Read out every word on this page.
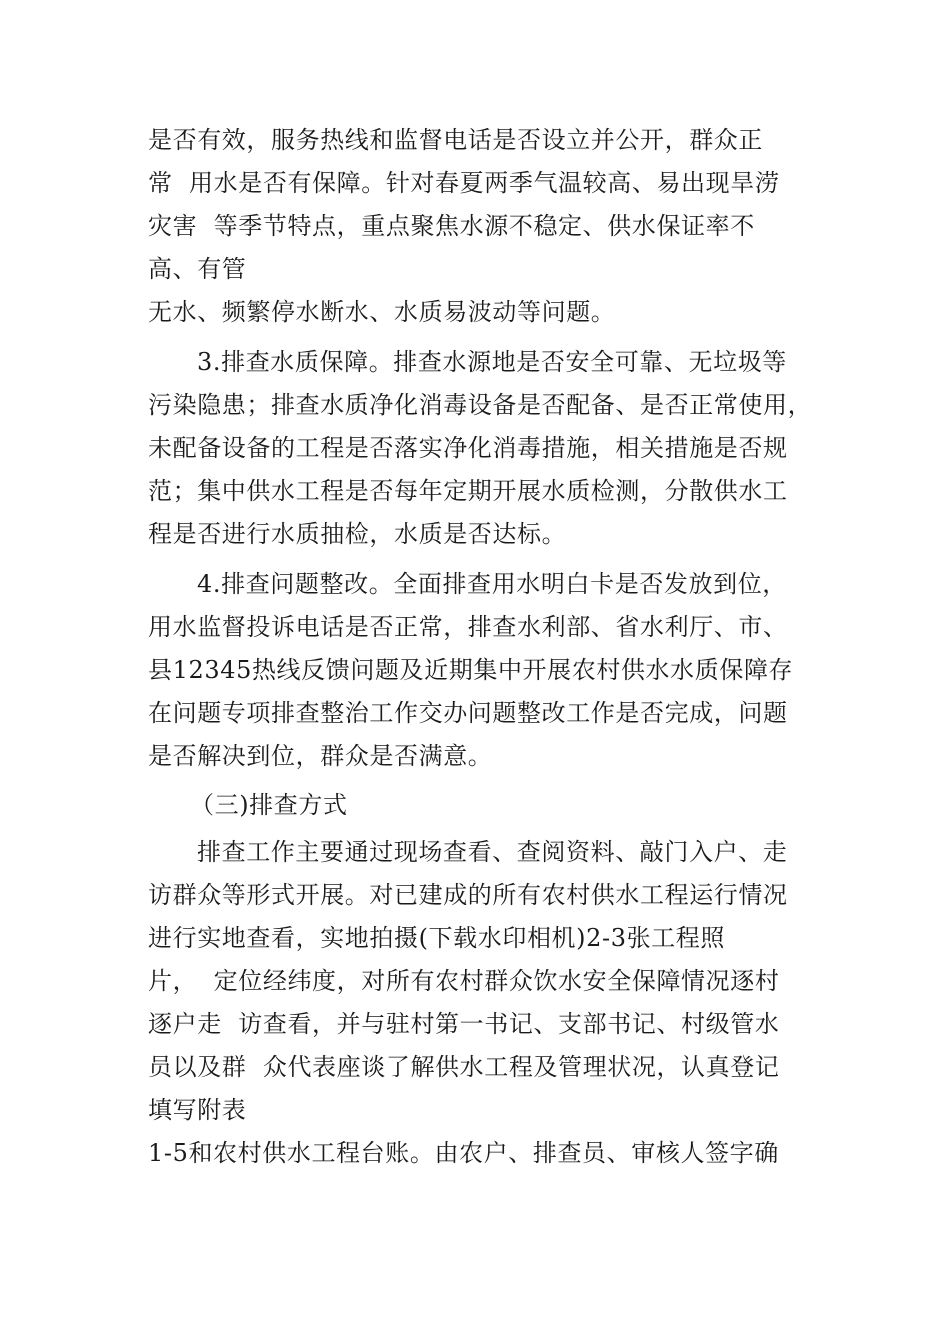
是否有效，服务热线和监督电话是否设立并公开，群众正
常  用水是否有保障。针对春夏两季气温较高、易出现旱涝
灾害  等季节特点，重点聚焦水源不稳定、供水保证率不
高、有管
无水、频繁停水断水、水质易波动等问题。
3.排查水质保障。排查水源地是否安全可靠、无垃圾等
污染隐患；排查水质净化消毒设备是否配备、是否正常使用，
未配备设备的工程是否落实净化消毒措施，相关措施是否规
范；集中供水工程是否每年定期开展水质检测，分散供水工
程是否进行水质抽检，水质是否达标。
4.排查问题整改。全面排查用水明白卡是否发放到位，
用水监督投诉电话是否正常，排查水利部、省水利厅、市、
县12345热线反馈问题及近期集中开展农村供水水质保障存
在问题专项排查整治工作交办问题整改工作是否完成，问题
是否解决到位，群众是否满意。
（三)排查方式
排查工作主要通过现场查看、查阅资料、敲门入户、走
访群众等形式开展。对已建成的所有农村供水工程运行情况
进行实地查看，实地拍摄(下载水印相机)2-3张工程照
片，  定位经纬度，对所有农村群众饮水安全保障情况逐村
逐户走  访查看，并与驻村第一书记、支部书记、村级管水
员以及群  众代表座谈了解供水工程及管理状况，认真登记
填写附表
1-5和农村供水工程台账。由农户、排查员、审核人签字确
